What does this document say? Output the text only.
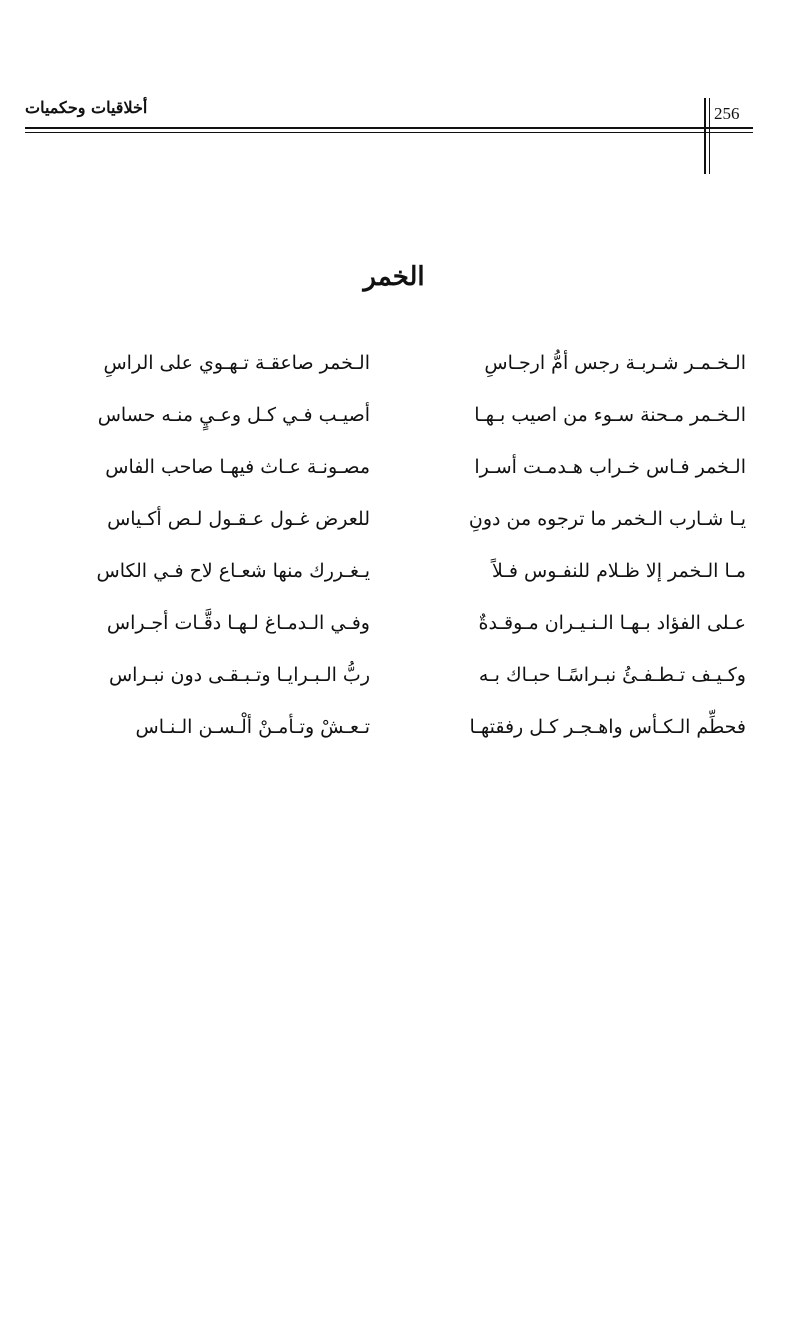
أخلاقيات وحكميات	256
الخمر
الـخـمـر شـربـة رجس أمُّ ارجـاسِ
الـخمر صاعقـة تـهـوي على الراسِ
الـخـمر مـحنة سـوء من اصيب بـهـا
أصيـب فـي كـل وعـيٍ منـه حساس
الـخمر فـاس خـراب هـدمـت أسـرا
مصـونـة عـاث فيهـا صاحب الفاس
يـا شـارب الـخمر ما ترجوه من دونِ
للعرض غـول عـقـول لـص أكـياس
مـا الـخمر إلا ظـلام للنفـوس فـلاً
يـغـررك منها شعـاع لاح فـي الكاس
عـلى الفؤاد بـهـا الـنـيـران مـوقـدةٌ
وفـي الـدمـاغ لـهـا دقَّـات أجـراس
وكـيـف تـطـفـئُ نبـراسًـا حبـاك بـه
ربُّ الـبـرايـا وتـبـقـى دون نبـراس
فحطِّم الـكـأس واهـجـر كـل رفقتهـا
تـعـشْ وتـأمـنْ ألْـسـن الـنـاس
